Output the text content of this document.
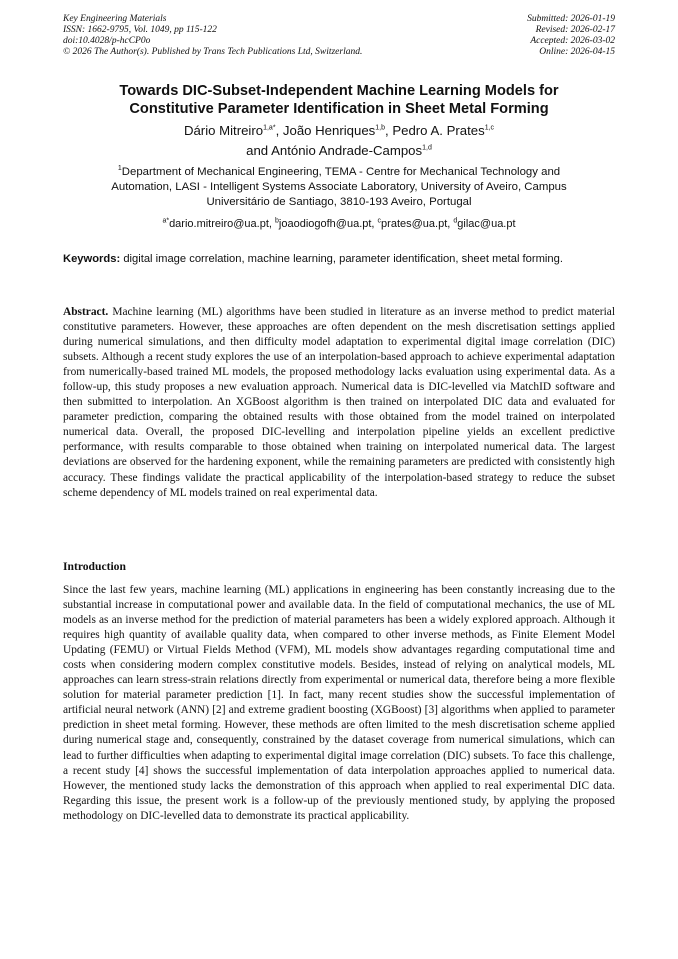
Key Engineering Materials
ISSN: 1662-9795, Vol. 1049, pp 115-122
doi:10.4028/p-hcCP0o
© 2026 The Author(s). Published by Trans Tech Publications Ltd, Switzerland.
Submitted: 2026-01-19
Revised: 2026-02-17
Accepted: 2026-03-02
Online: 2026-04-15
Towards DIC-Subset-Independent Machine Learning Models for
Constitutive Parameter Identification in Sheet Metal Forming
Dário Mitreiro$^{1,a*}$, João Henriques$^{1,b}$, Pedro A. Prates$^{1,c}$
and António Andrade-Campos$^{1,d}$
$^1$Department of Mechanical Engineering, TEMA - Centre for Mechanical Technology and
Automation, LASI - Intelligent Systems Associate Laboratory, University of Aveiro, Campus
Universitário de Santiago, 3810-193 Aveiro, Portugal
$^{a*}$dario.mitreiro@ua.pt, $^b$joaodiogofh@ua.pt, $^c$prates@ua.pt, $^d$gilac@ua.pt
Keywords: digital image correlation, machine learning, parameter identification, sheet metal forming.
Abstract. Machine learning (ML) algorithms have been studied in literature as an inverse method to predict material constitutive parameters. However, these approaches are often dependent on the mesh discretisation settings applied during numerical simulations, and then difficulty model adaptation to experimental digital image correlation (DIC) subsets. Although a recent study explores the use of an interpolation-based approach to achieve experimental adaptation from numerically-based trained ML models, the proposed methodology lacks evaluation using experimental data. As a follow-up, this study proposes a new evaluation approach. Numerical data is DIC-levelled via MatchID software and then submitted to interpolation. An XGBoost algorithm is then trained on interpolated DIC data and evaluated for parameter prediction, comparing the obtained results with those obtained from the model trained on interpolated numerical data. Overall, the proposed DIC-levelling and interpolation pipeline yields an excellent predictive performance, with results comparable to those obtained when training on interpolated numerical data. The largest deviations are observed for the hardening exponent, while the remaining parameters are predicted with consistently high accuracy. These findings validate the practical applicability of the interpolation-based strategy to reduce the subset scheme dependency of ML models trained on real experimental data.
Introduction
Since the last few years, machine learning (ML) applications in engineering has been constantly increasing due to the substantial increase in computational power and available data. In the field of computational mechanics, the use of ML models as an inverse method for the prediction of material parameters has been a widely explored approach. Although it requires high quantity of available quality data, when compared to other inverse methods, as Finite Element Model Updating (FEMU) or Virtual Fields Method (VFM), ML models show advantages regarding computational time and costs when considering modern complex constitutive models. Besides, instead of relying on analytical models, ML approaches can learn stress-strain relations directly from experimental or numerical data, therefore being a more flexible solution for material parameter prediction [1]. In fact, many recent studies show the successful implementation of artificial neural network (ANN) [2] and extreme gradient boosting (XGBoost) [3] algorithms when applied to parameter prediction in sheet metal forming. However, these methods are often limited to the mesh discretisation scheme applied during numerical stage and, consequently, constrained by the dataset coverage from numerical simulations, which can lead to further difficulties when adapting to experimental digital image correlation (DIC) subsets. To face this challenge, a recent study [4] shows the successful implementation of data interpolation approaches applied to numerical data. However, the mentioned study lacks the demonstration of this approach when applied to real experimental DIC data. Regarding this issue, the present work is a follow-up of the previously mentioned study, by applying the proposed methodology on DIC-levelled data to demonstrate its practical applicability.
